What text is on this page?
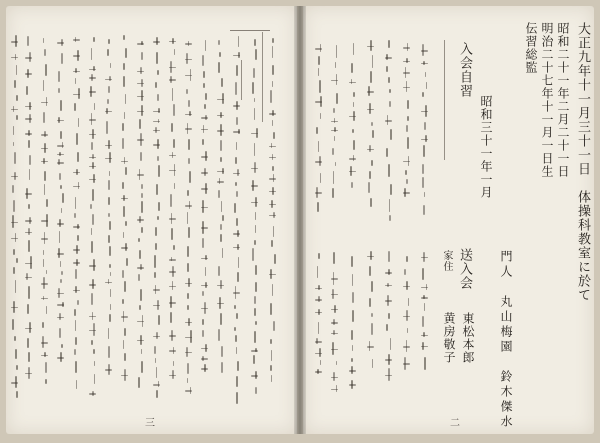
三
大正九年十一月三十一日　体操科教室に於て
昭和二十一年二月二十一日
明治二十七年十一月一日生
伝習総監
門人　丸山梅園　鈴木傑水
昭和三十一年一月
入会自習
送入会
家住
東松本郎
黄房敬子
二
